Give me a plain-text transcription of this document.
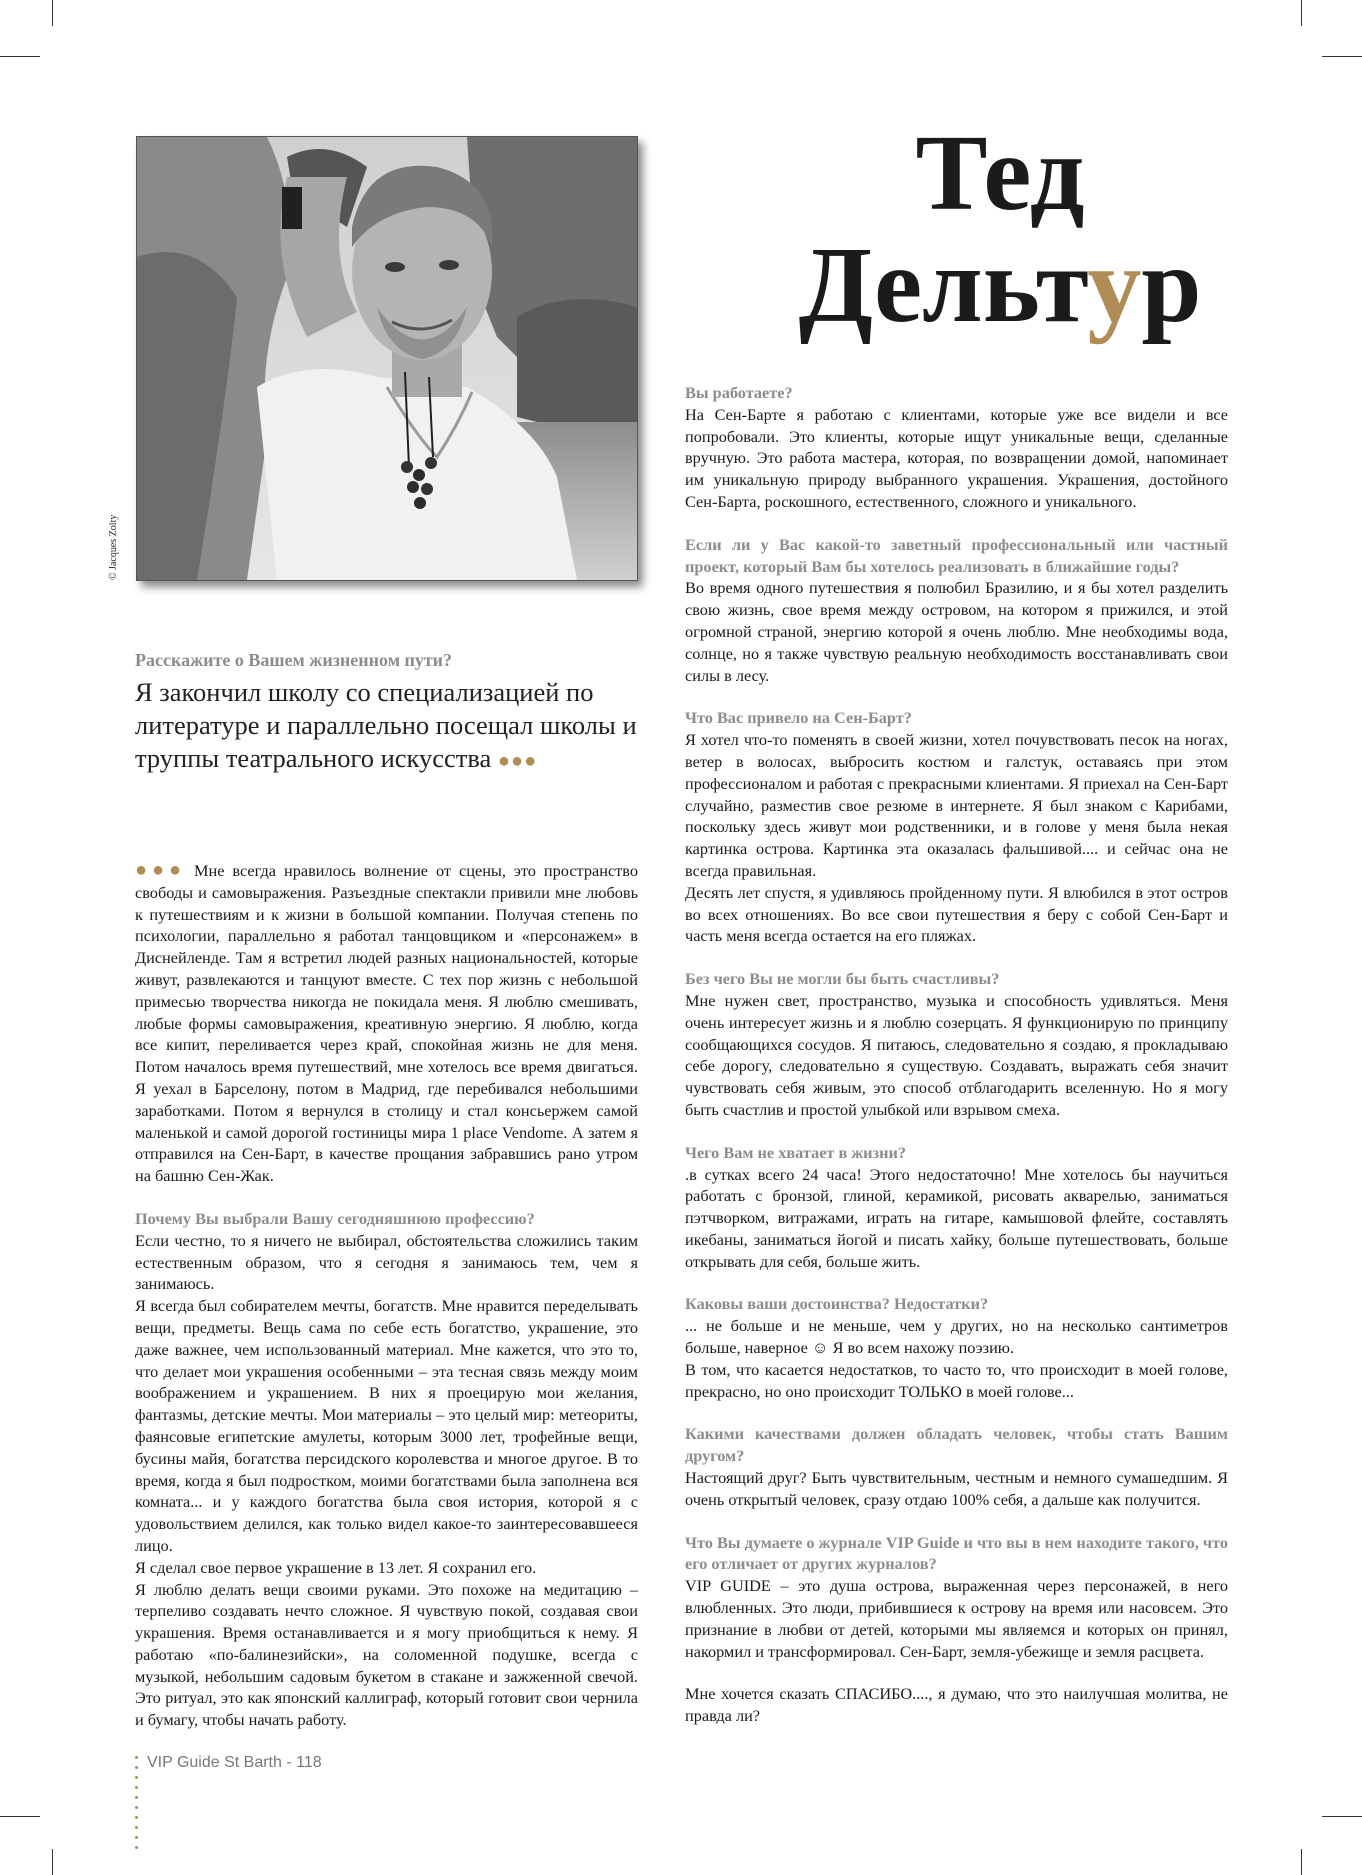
© Jacques Zolty
Тед
Дельтур
Расскажите о Вашем жизненном пути?
Я закончил школу со специализацией по литературе и параллельно посещал школы и труппы театрального искусства ●●●

●●● Мне всегда нравилось волнение от сцены, это пространство свободы и самовыражения. Разъездные спектакли привили мне любовь к путешествиям и к жизни в большой компании. Получая степень по психологии, параллельно я работал танцовщиком и «персонажем» в Диснейленде. Там я встретил людей разных национальностей, которые живут, развлекаются и танцуют вместе. С тех пор жизнь с небольшой примесью творчества никогда не покидала меня. Я люблю смешивать, любые формы самовыражения, креативную энергию. Я люблю, когда все кипит, переливается через край, спокойная жизнь не для меня. Потом началось время путешествий, мне хотелось все время двигаться. Я уехал в Барселону, потом в Мадрид, где перебивался небольшими заработками. Потом я вернулся в столицу и стал консьержем самой маленькой и самой дорогой гостиницы мира 1 place Vendome. А затем я отправился на Сен-Барт, в качестве прощания забравшись рано утром на башню Сен-Жак.

Почему Вы выбрали Вашу сегодняшнюю профессию?

Если честно, то я ничего не выбирал, обстоятельства сложились таким естественным образом, что я сегодня я занимаюсь тем, чем я занимаюсь.

Я всегда был собирателем мечты, богатств. Мне нравится переделывать вещи, предметы. Вещь сама по себе есть богатство, украшение, это даже важнее, чем использованный материал. Мне кажется, что это то, что делает мои украшения особенными – эта тесная связь между моим воображением и украшением. В них я проецирую мои желания, фантазмы, детские мечты. Мои материалы – это целый мир: метеориты, фаянсовые египетские амулеты, которым 3000 лет, трофейные вещи, бусины майя, богатства персидского королевства и многое другое. В то время, когда я был подростком, моими богатствами была заполнена вся комната... и у каждого богатства была своя история, которой я с удовольствием делился, как только видел какое-то заинтересовавшееся лицо.

Я сделал свое первое украшение в 13 лет. Я сохранил его.

Я люблю делать вещи своими руками. Это похоже на медитацию – терпеливо создавать нечто сложное. Я чувствую покой, создавая свои украшения. Время останавливается и я могу приобщиться к нему. Я работаю «по-балинезийски», на соломенной подушке, всегда с музыкой, небольшим садовым букетом в стакане и зажженной свечой. Это ритуал, это как японский каллиграф, который готовит свои чернила и бумагу, чтобы начать работу.

Вы работаете?

На Сен-Барте я работаю с клиентами, которые уже все видели и все попробовали. Это клиенты, которые ищут уникальные вещи, сделанные вручную. Это работа мастера, которая, по возвращении домой, напоминает им уникальную природу выбранного украшения. Украшения, достойного Сен-Барта, роскошного, естественного, сложного и уникального.

Если ли у Вас какой-то заветный профессиональный или частный проект, который Вам бы хотелось реализовать в ближайшие годы?

Во время одного путешествия я полюбил Бразилию, и я бы хотел разделить свою жизнь, свое время между островом, на котором я прижился, и этой огромной страной, энергию которой я очень люблю. Мне необходимы вода, солнце, но я также чувствую реальную необходимость восстанавливать свои силы в лесу.

Что Вас привело на Сен-Барт?

Я хотел что-то поменять в своей жизни, хотел почувствовать песок на ногах, ветер в волосах, выбросить костюм и галстук, оставаясь при этом профессионалом и работая с прекрасными клиентами. Я приехал на Сен-Барт случайно, разместив свое резюме в интернете. Я был знаком с Карибами, поскольку здесь живут мои родственники, и в голове у меня была некая картинка острова. Картинка эта оказалась фальшивой.... и сейчас она не всегда правильная.

Десять лет спустя, я удивляюсь пройденному пути. Я влюбился в этот остров во всех отношениях. Во все свои путешествия я беру с собой Сен-Барт и часть меня всегда остается на его пляжах.

Без чего Вы не могли бы быть счастливы?

Мне нужен свет, пространство, музыка и способность удивляться. Меня очень интересует жизнь и я люблю созерцать. Я функционирую по принципу сообщающихся сосудов. Я питаюсь, следовательно я создаю, я прокладываю себе дорогу, следовательно я существую. Создавать, выражать себя значит чувствовать себя живым, это способ отблагодарить вселенную. Но я могу быть счастлив и простой улыбкой или взрывом смеха.

Чего Вам не хватает в жизни?

.в сутках всего 24 часа! Этого недостаточно! Мне хотелось бы научиться работать с бронзой, глиной, керамикой, рисовать акварелью, заниматься пэтчворком, витражами, играть на гитаре, камышовой флейте, составлять икебаны, заниматься йогой и писать хайку, больше путешествовать, больше открывать для себя, больше жить.

Каковы ваши достоинства? Недостатки?

... не больше и не меньше, чем у других, но на несколько сантиметров больше, наверное ☺ Я во всем нахожу поэзию.

В том, что касается недостатков, то часто то, что происходит в моей голове, прекрасно, но оно происходит ТОЛЬКО в моей голове...

Какими качествами должен обладать человек, чтобы стать Вашим другом?

Настоящий друг? Быть чувствительным, честным и немного сумашедшим. Я очень открытый человек, сразу отдаю 100% себя, а дальше как получится.

Что Вы думаете о журнале VIP Guide и что вы в нем находите такого, что его отличает от других журналов?

VIP GUIDE – это душа острова, выраженная через персонажей, в него влюбленных. Это люди, прибившиеся к острову на время или насовсем. Это признание в любви от детей, которыми мы являемся и которых он принял, накормил и трансформировал. Сен-Барт, земля-убежище и земля расцвета.

Мне хочется сказать СПАСИБО...., я думаю, что это наилучшая молитва, не правда ли?

VIP Guide St Barth - 118
